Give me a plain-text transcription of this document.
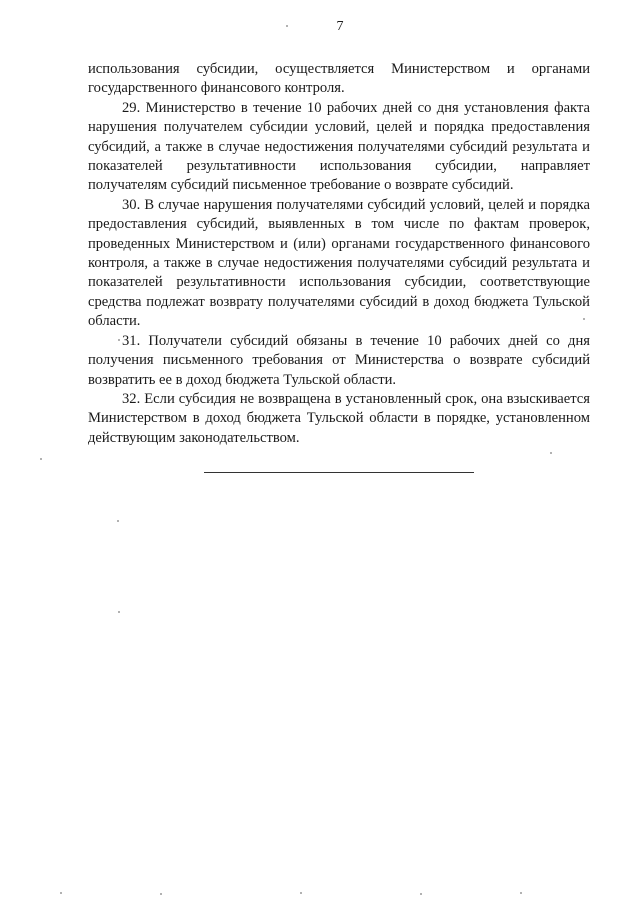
7

использования субсидии, осуществляется Министерством и органами государственного финансового контроля.

29. Министерство в течение 10 рабочих дней со дня установления факта нарушения получателем субсидии условий, целей и порядка предоставления субсидий, а также в случае недостижения получателями субсидий результата и показателей результативности использования субсидии, направляет получателям субсидий письменное требование о возврате субсидий.

30. В случае нарушения получателями субсидий условий, целей и порядка предоставления субсидий, выявленных в том числе по фактам проверок, проведенных Министерством и (или) органами государственного финансового контроля, а также в случае недостижения получателями субсидий результата и показателей результативности использования субсидии, соответствующие средства подлежат возврату получателями субсидий в доход бюджета Тульской области.

31. Получатели субсидий обязаны в течение 10 рабочих дней со дня получения письменного требования от Министерства о возврате субсидий возвратить ее в доход бюджета Тульской области.

32. Если субсидия не возвращена в установленный срок, она взыскивается Министерством в доход бюджета Тульской области в порядке, установленном действующим законодательством.
